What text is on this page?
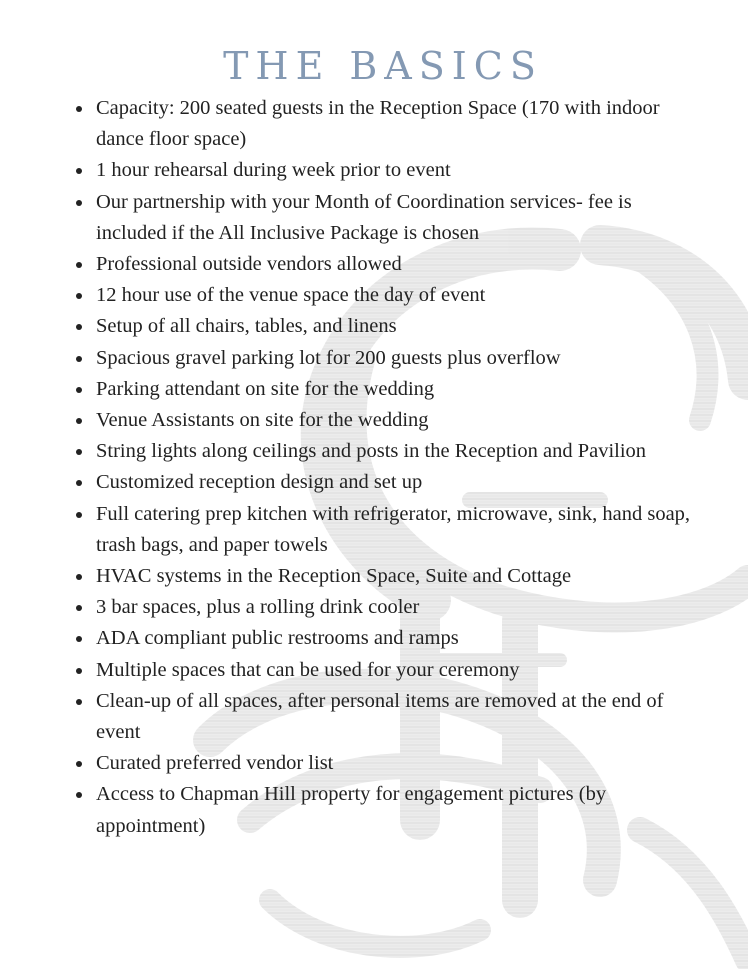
THE BASICS
Capacity: 200 seated guests in the Reception Space (170 with indoor dance floor space)
1 hour rehearsal during week prior to event
Our partnership with your Month of Coordination services- fee is included if the All Inclusive Package is chosen
Professional outside vendors allowed
12 hour use of the venue space the day of event
Setup of all chairs, tables, and linens
Spacious gravel parking lot for 200 guests plus overflow
Parking attendant on site for the wedding
Venue Assistants on site for the wedding
String lights along ceilings and posts in the Reception and Pavilion
Customized reception design and set up
Full catering prep kitchen with refrigerator, microwave, sink, hand soap, trash bags, and paper towels
HVAC systems in the Reception Space, Suite and Cottage
3 bar spaces, plus a rolling drink cooler
ADA compliant public restrooms and ramps
Multiple spaces that can be used for your ceremony
Clean-up of all spaces, after personal items are removed at the end of event
Curated preferred vendor list
Access to Chapman Hill property for engagement pictures (by appointment)
